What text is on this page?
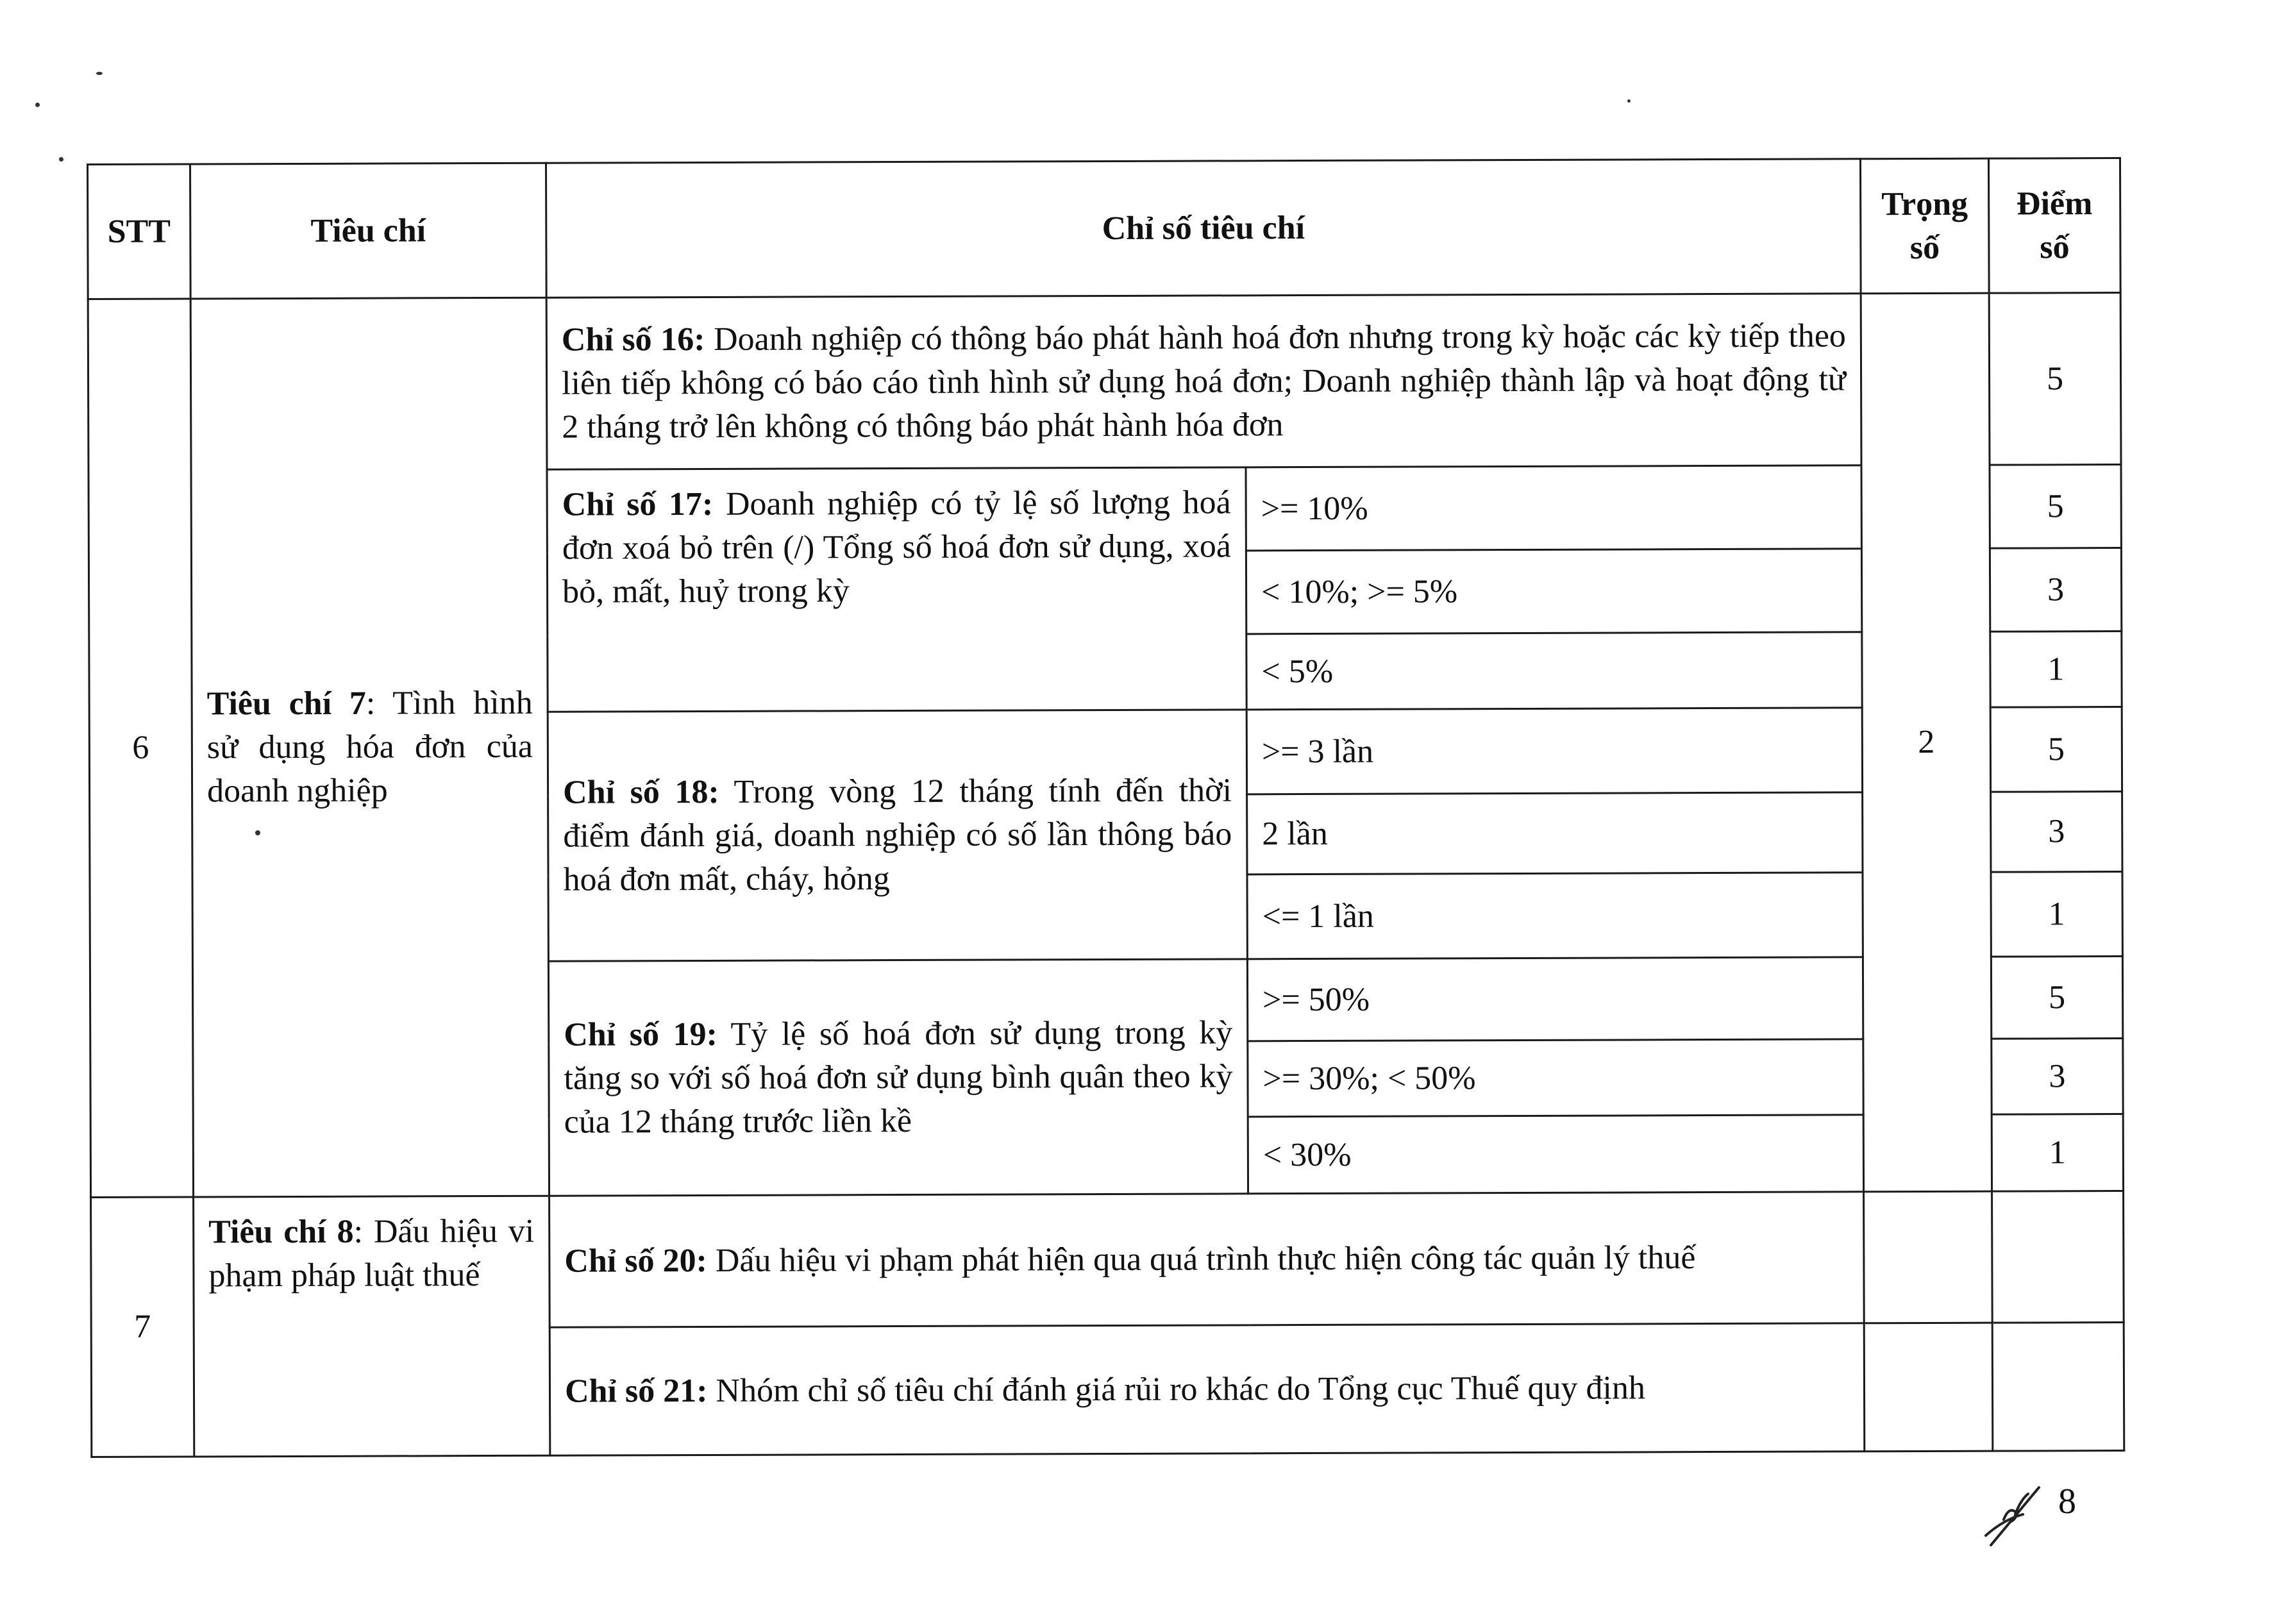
STT	Tiêu chí	Chỉ số tiêu chí		Trọng số	Điểm số
6	Tiêu chí 7: Tình hình sử dụng hóa đơn của doanh nghiệp	Chỉ số 16: Doanh nghiệp có thông báo phát hành hoá đơn nhưng trong kỳ hoặc các kỳ tiếp theo liên tiếp không có báo cáo tình hình sử dụng hoá đơn; Doanh nghiệp thành lập và hoạt động từ 2 tháng trở lên không có thông báo phát hành hóa đơn		2	5
		Chỉ số 17: Doanh nghiệp có tỷ lệ số lượng hoá đơn xoá bỏ trên (/) Tổng số hoá đơn sử dụng, xoá bỏ, mất, huỷ trong kỳ	>= 10%		5
			< 10%; >= 5%		3
			< 5%		1
		Chỉ số 18: Trong vòng 12 tháng tính đến thời điểm đánh giá, doanh nghiệp có số lần thông báo hoá đơn mất, cháy, hỏng	>= 3 lần		5
			2 lần		3
			<= 1 lần		1
		Chỉ số 19: Tỷ lệ số hoá đơn sử dụng trong kỳ tăng so với số hoá đơn sử dụng bình quân theo kỳ của 12 tháng trước liền kề	>= 50%		5
			>= 30%; < 50%		3
			< 30%		1
7	Tiêu chí 8: Dấu hiệu vi phạm pháp luật thuế	Chỉ số 20: Dấu hiệu vi phạm phát hiện qua quá trình thực hiện công tác quản lý thuế			
		Chỉ số 21: Nhóm chỉ số tiêu chí đánh giá rủi ro khác do Tổng cục Thuế quy định			
8
